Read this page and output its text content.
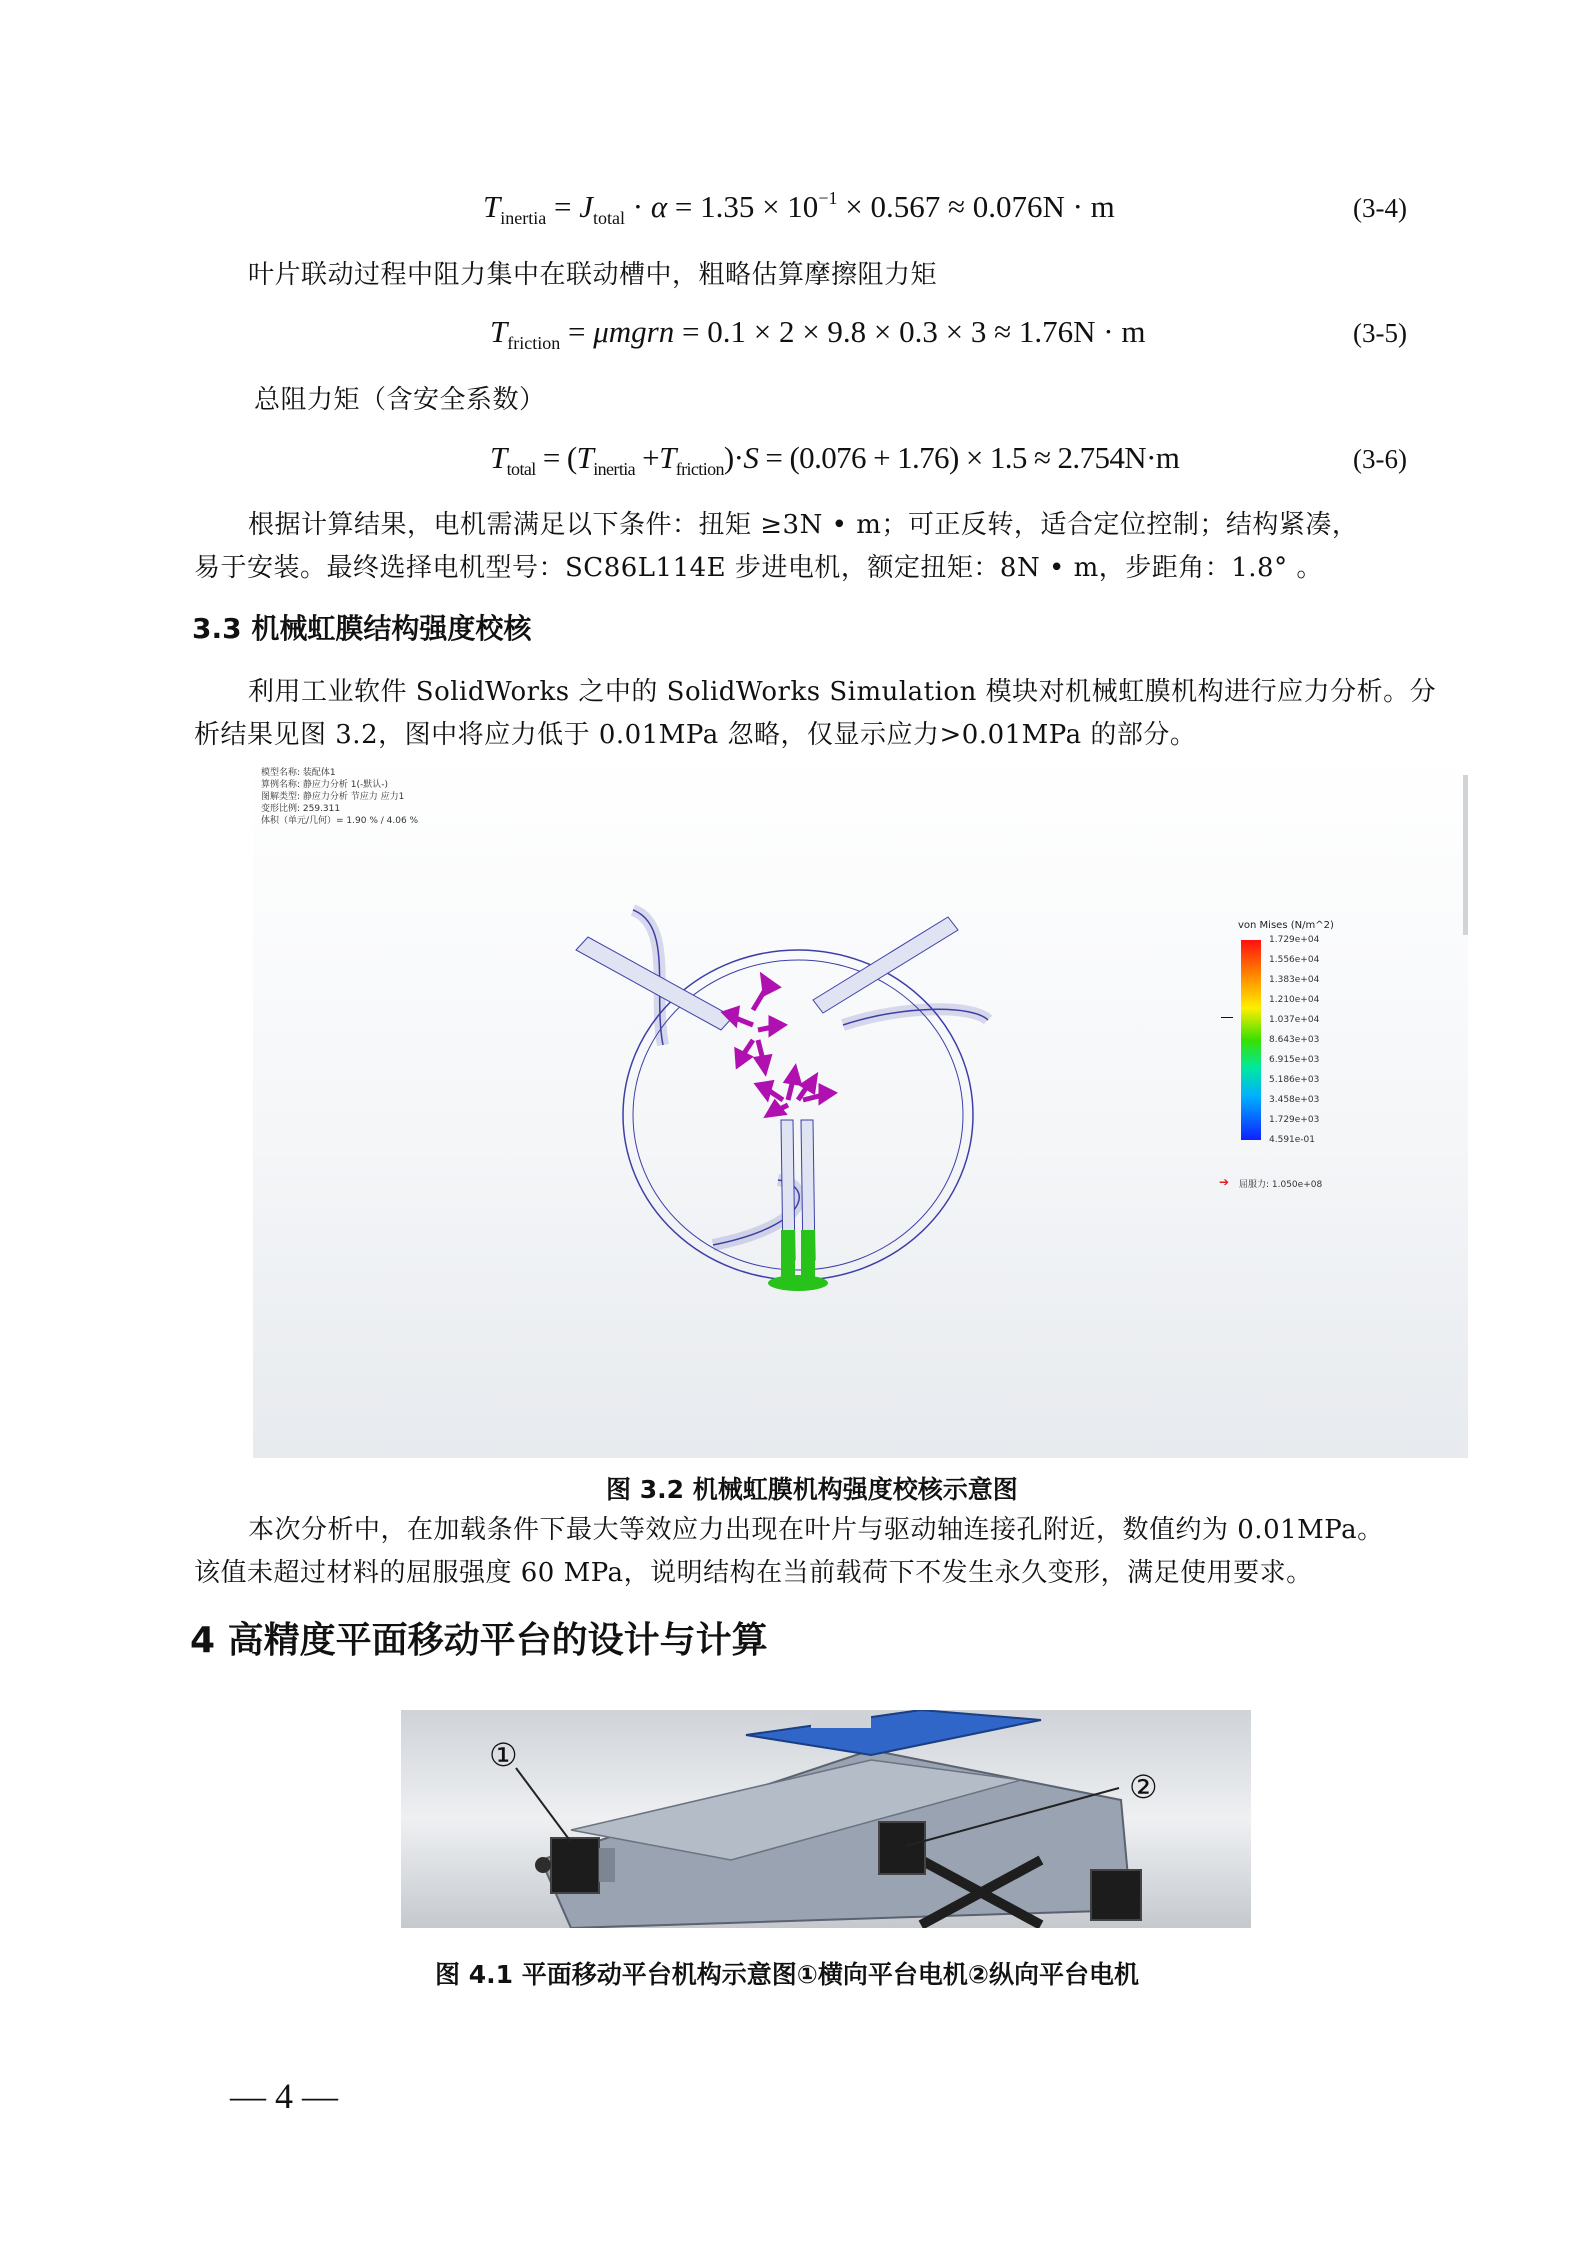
$T_{inertia} = J_{total} \cdot \alpha = 1.35 \times 10^{-1} \times 0.567 \approx 0.076N \cdot m$	(3-4)
叶片联动过程中阻力集中在联动槽中，粗略估算摩擦阻力矩
$T_{friction}$ = μmgrn = 0.1 × 2 × 9.8 × 0.3 × 3 ≈ 1.76N · m	(3-5)
总阻力矩（含安全系数）
$T_{total} = (T_{inertia} +T_{friction})\cdot S = (0.076 + 1.76) \times 1.5 \approx 2.754N\cdot m$	(3-6)
根据计算结果，电机需满足以下条件：扭矩 ≥3N • m；可正反转，适合定位控制；结构紧凑，
易于安装。最终选择电机型号：SC86L114E 步进电机，额定扭矩：8N • m，步距角：1.8° 。
3.3 机械虹膜结构强度校核
利用工业软件 SolidWorks 之中的 SolidWorks Simulation 模块对机械虹膜机构进行应力分析。分
析结果见图 3.2，图中将应力低于 0.01MPa 忽略，仅显示应力>0.01MPa 的部分。
模型名称: 装配体1
算例名称: 静应力分析 1(-默认-)
图解类型: 静应力分析 节应力 应力1
变形比例: 259.311
体积（单元/几何）= 1.90 % / 4.06 %
von Mises (N/m^2)
1.729e+04
1.556e+04
1.383e+04
1.210e+04
1.037e+04
8.643e+03
6.915e+03
5.186e+03
3.458e+03
1.729e+03
4.591e-01
➔ 屈服力: 1.050e+08
图 3.2 机械虹膜机构强度校核示意图
本次分析中，在加载条件下最大等效应力出现在叶片与驱动轴连接孔附近，数值约为 0.01MPa。
该值未超过材料的屈服强度 60 MPa，说明结构在当前载荷下不发生永久变形，满足使用要求。
4 高精度平面移动平台的设计与计算
①
②
图 4.1 平面移动平台机构示意图①横向平台电机②纵向平台电机
— 4 —
